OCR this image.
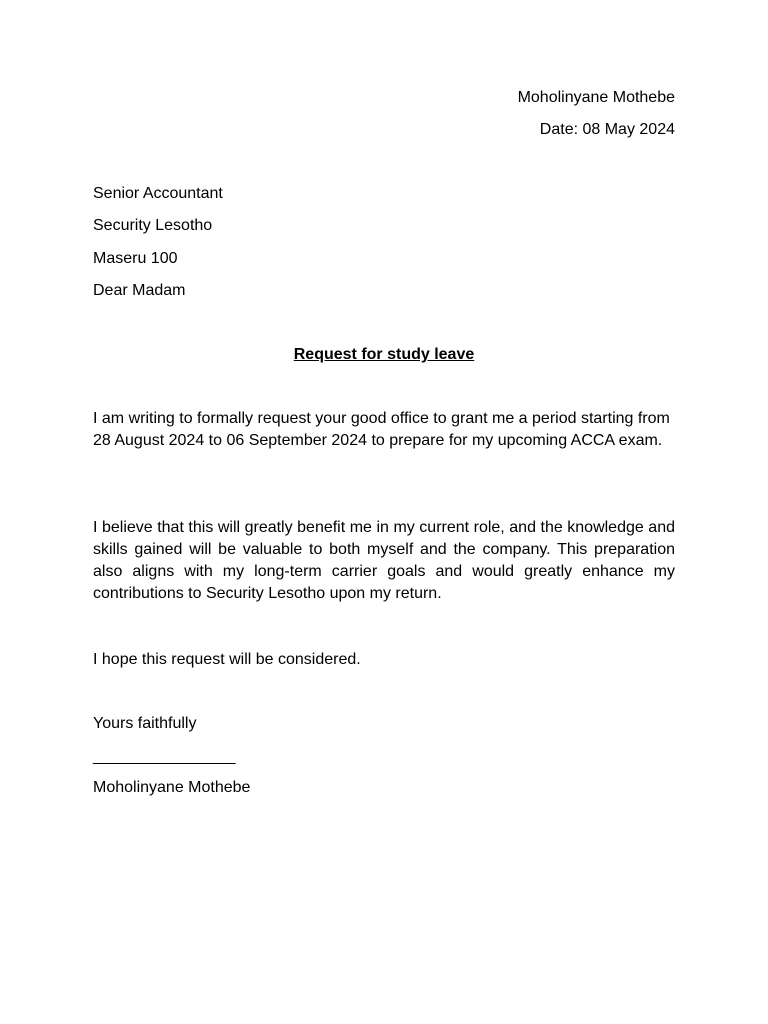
Moholinyane Mothebe
Date: 08 May 2024
Senior Accountant
Security Lesotho
Maseru 100
Dear Madam
Request for study leave
I am writing to formally request your good office to grant me a period starting from 28 August 2024 to 06 September 2024 to prepare for my upcoming ACCA exam.
I believe that this will greatly benefit me in my current role, and the knowledge and skills gained will be valuable to both myself and the company. This preparation also aligns with my long-term carrier goals and would greatly enhance my contributions to Security Lesotho upon my return.
I hope this request will be considered.
Yours faithfully
________________
Moholinyane Mothebe
